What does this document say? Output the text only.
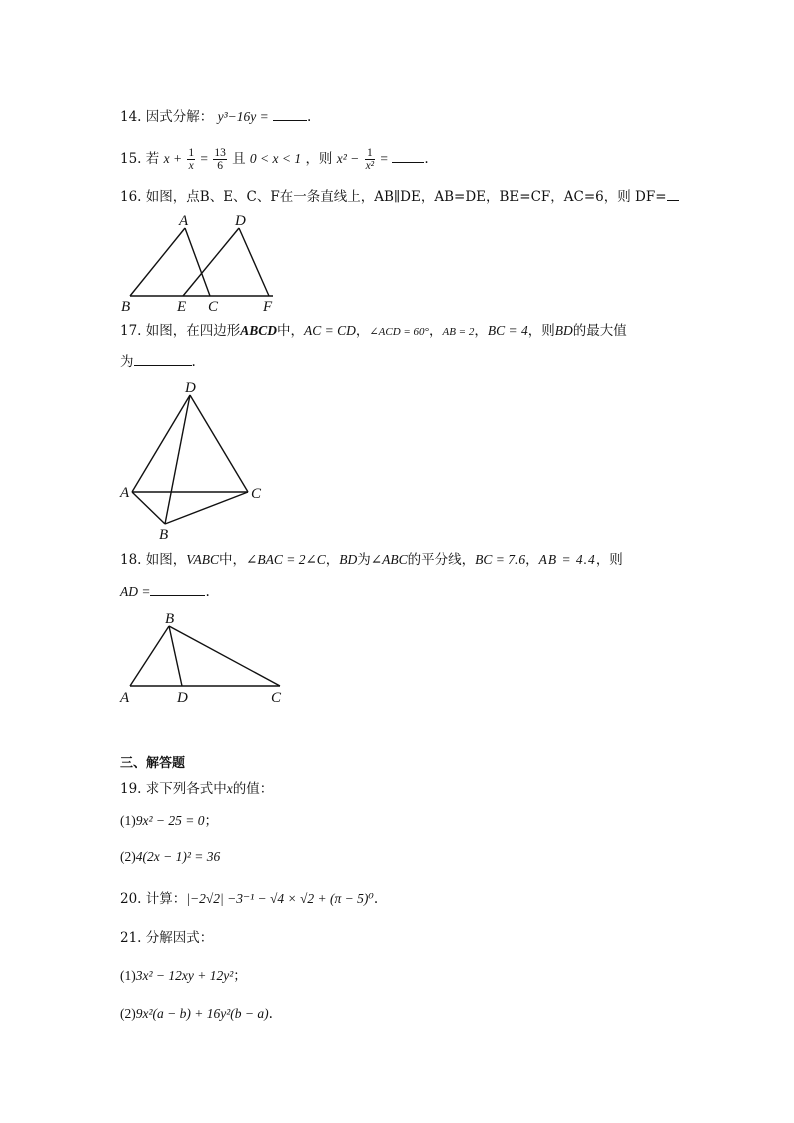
14. 因式分解： y³−16y =	.
15. 若 $x + \frac{1}{x} = \frac{13}{6}$ 且 0 < x < 1 ，则 $x^2 - \frac{1}{\text{x²}}$ =	.
16. 如图，点B、E、C、F在一条直线上，AB∥DE，AB=DE，BE=CF，AC=6，则 DF=
A	D
B	E C	F
17. 如图，在四边形ABCD中，AC = CD，∠ACD = 60°，AB = 2，BC = 4，则BD的最大值
为	.
D
A	C
B
18. 如图，VABC中，∠BAC = 2∠C，BD为∠ABC的平分线，BC = 7.6，AB = 4.4，则
AD =	.
B
A	D	C
三、解答题
19. 求下列各式中x的值：
(1)9x² − 25 = 0；
(2)4(2x − 1)² = 36
20. 计算：|−2√2| −3⁻¹ − √4 × √2 + (π − 5)⁰.
21. 分解因式：
(1)3x² − 12xy + 12y²；
(2)9x²(a − b) + 16y²(b − a).
